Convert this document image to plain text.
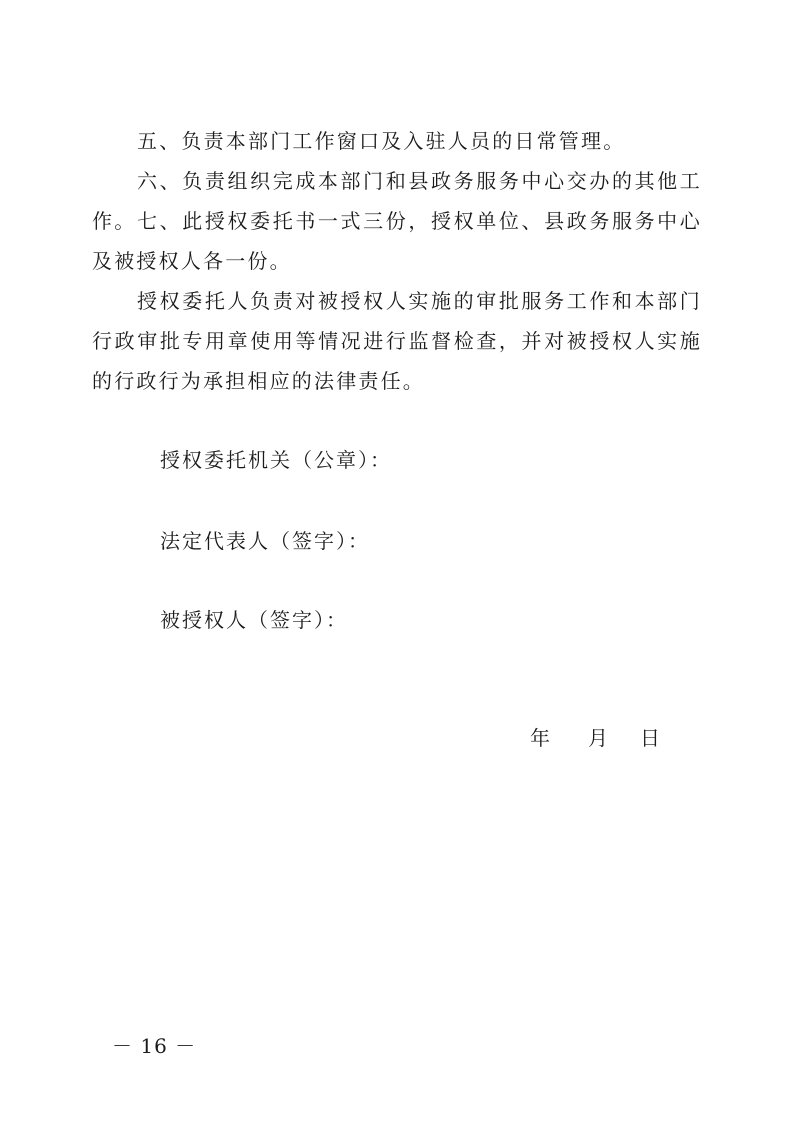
五、负责本部门工作窗口及入驻人员的日常管理。

六、负责组织完成本部门和县政务服务中心交办的其他工作。 七、此授权委托书一式三份，授权单位、县政务服务中心及被授权人各一份。

授权委托人负责对被授权人实施的审批服务工作和本部门行政审批专用章使用等情况进行监督检查，并对被授权人实施的行政行为承担相应的法律责任。

授权委托机关（公章）：

法定代表人（签字）：

被授权人（签字）：

年	月	日
－ 16 －
